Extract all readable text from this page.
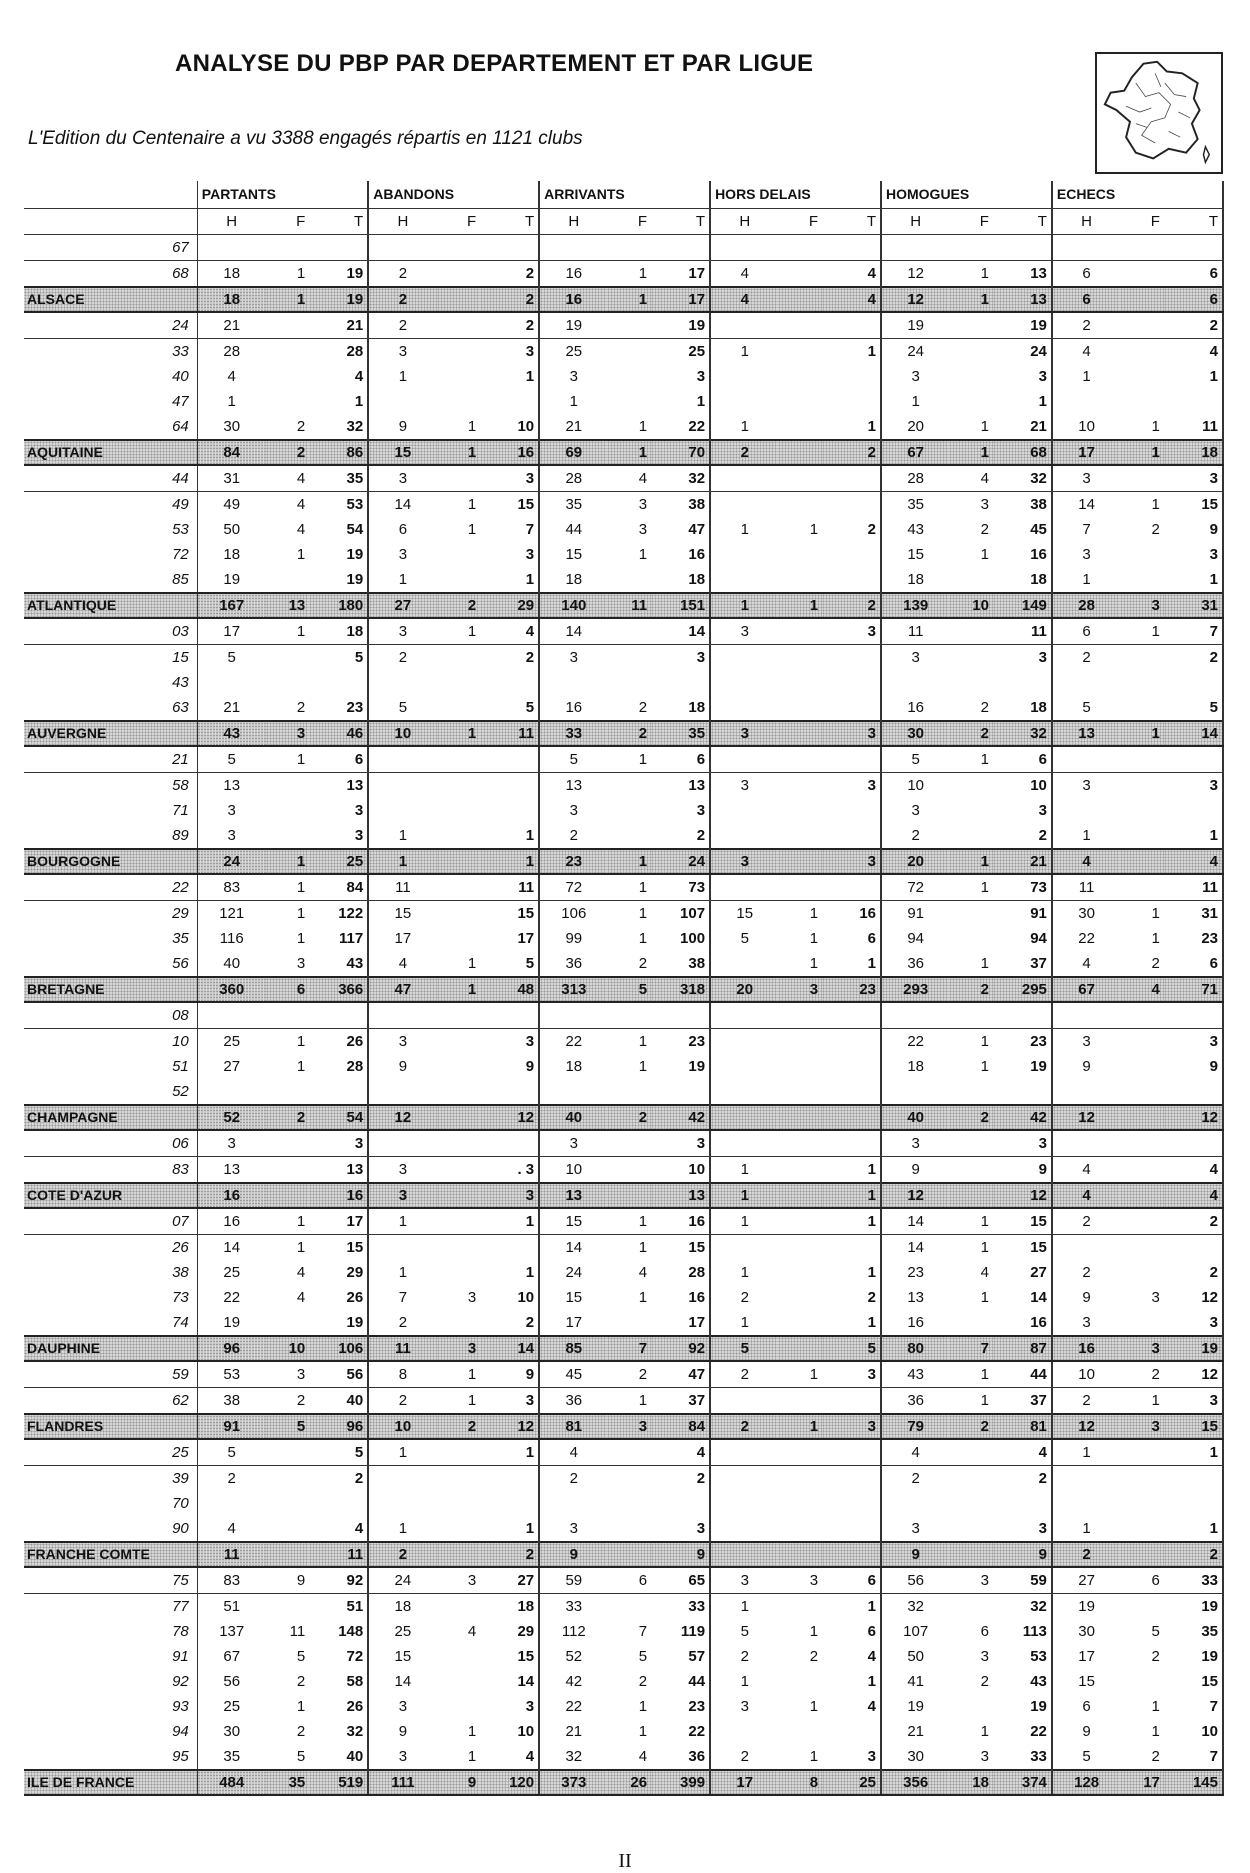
ANALYSE DU PBP PAR DEPARTEMENT ET PAR LIGUE

L'Edition du Centenaire a vu 3388 engagés répartis en 1121 clubs

	PARTANTS			ABANDONS			ARRIVANTS			HORS DELAIS			HOMOGUES			ECHECS		
	H	F	T	H	F	T	H	F	T	H	F	T	H	F	T	H	F	T
67																		
68	18	1	19	2		2	16	1	17	4		4	12	1	13	6		6
ALSACE	18	1	19	2		2	16	1	17	4		4	12	1	13	6		6
24	21		21	2		2	19		19				19		19	2		2
33	28		28	3		3	25		25	1		1	24		24	4		4
40	4		4	1		1	3		3				3		3	1		1
47	1		1				1		1				1		1			
64	30	2	32	9	1	10	21	1	22	1		1	20	1	21	10	1	11
AQUITAINE	84	2	86	15	1	16	69	1	70	2		2	67	1	68	17	1	18
44	31	4	35	3		3	28	4	32				28	4	32	3		3
49	49	4	53	14	1	15	35	3	38				35	3	38	14	1	15
53	50	4	54	6	1	7	44	3	47	1	1	2	43	2	45	7	2	9
72	18	1	19	3		3	15	1	16				15	1	16	3		3
85	19		19	1		1	18		18				18		18	1		1
ATLANTIQUE	167	13	180	27	2	29	140	11	151	1	1	2	139	10	149	28	3	31
03	17	1	18	3	1	4	14		14	3		3	11		11	6	1	7
15	5		5	2		2	3		3				3		3	2		2
43																		
63	21	2	23	5		5	16	2	18				16	2	18	5		5
AUVERGNE	43	3	46	10	1	11	33	2	35	3		3	30	2	32	13	1	14
21	5	1	6				5	1	6				5	1	6			
58	13		13				13		13	3		3	10		10	3		3
71	3		3				3		3				3		3			
89	3		3	1		1	2		2				2		2	1		1
BOURGOGNE	24	1	25	1		1	23	1	24	3		3	20	1	21	4		4
22	83	1	84	11		11	72	1	73				72	1	73	11		11
29	121	1	122	15		15	106	1	107	15	1	16	91		91	30	1	31
35	116	1	117	17		17	99	1	100	5	1	6	94		94	22	1	23
56	40	3	43	4	1	5	36	2	38		1	1	36	1	37	4	2	6
BRETAGNE	360	6	366	47	1	48	313	5	318	20	3	23	293	2	295	67	4	71
08																		
10	25	1	26	3		3	22	1	23				22	1	23	3		3
51	27	1	28	9		9	18	1	19				18	1	19	9		9
52																		
CHAMPAGNE	52	2	54	12		12	40	2	42				40	2	42	12		12
06	3		3				3		3				3		3			
83	13		13	3		. 3	10		10	1		1	9		9	4		4
COTE D'AZUR	16		16	3		3	13		13	1		1	12		12	4		4
07	16	1	17	1		1	15	1	16	1		1	14	1	15	2		2
26	14	1	15				14	1	15				14	1	15			
38	25	4	29	1		1	24	4	28	1		1	23	4	27	2		2
73	22	4	26	7	3	10	15	1	16	2		2	13	1	14	9	3	12
74	19		19	2		2	17		17	1		1	16		16	3		3
DAUPHINE	96	10	106	11	3	14	85	7	92	5		5	80	7	87	16	3	19
59	53	3	56	8	1	9	45	2	47	2	1	3	43	1	44	10	2	12
62	38	2	40	2	1	3	36	1	37				36	1	37	2	1	3
FLANDRES	91	5	96	10	2	12	81	3	84	2	1	3	79	2	81	12	3	15
25	5		5	1		1	4		4				4		4	1		1
39	2		2				2		2				2		2			
70																		
90	4		4	1		1	3		3				3		3	1		1
FRANCHE COMTE	11		11	2		2	9		9				9		9	2		2
75	83	9	92	24	3	27	59	6	65	3	3	6	56	3	59	27	6	33
77	51		51	18		18	33		33	1		1	32		32	19		19
78	137	11	148	25	4	29	112	7	119	5	1	6	107	6	113	30	5	35
91	67	5	72	15		15	52	5	57	2	2	4	50	3	53	17	2	19
92	56	2	58	14		14	42	2	44	1		1	41	2	43	15		15
93	25	1	26	3		3	22	1	23	3	1	4	19		19	6	1	7
94	30	2	32	9	1	10	21	1	22				21	1	22	9	1	10
95	35	5	40	3	1	4	32	4	36	2	1	3	30	3	33	5	2	7
ILE DE FRANCE	484	35	519	111	9	120	373	26	399	17	8	25	356	18	374	128	17	145

II
